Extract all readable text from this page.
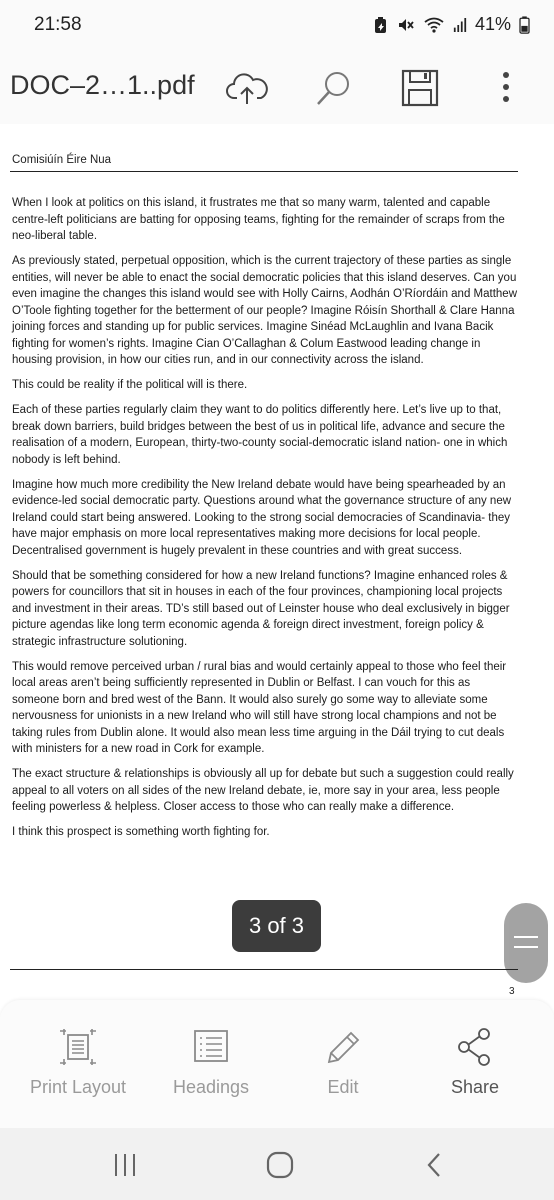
21:58	41%
DOC–2…1..pdf
Comisiúín Éire Nua

When I look at politics on this island, it frustrates me that so many warm, talented and capable centre-left politicians are batting for opposing teams, fighting for the remainder of scraps from the neo-liberal table.

As previously stated, perpetual opposition, which is the current trajectory of these parties as single entities, will never be able to enact the social democratic policies that this island deserves. Can you even imagine the changes this island would see with Holly Cairns, Aodhán O’Ríordáin and Matthew O’Toole fighting together for the betterment of our people? Imagine Róisín Shorthall & Clare Hanna joining forces and standing up for public services. Imagine Sinéad McLaughlin and Ivana Bacik fighting for women’s rights. Imagine Cian O’Callaghan & Colum Eastwood leading change in housing provision, in how our cities run, and in our connectivity across the island.

This could be reality if the political will is there.

Each of these parties regularly claim they want to do politics differently here. Let’s live up to that, break down barriers, build bridges between the best of us in political life, advance and secure the realisation of a modern, European, thirty-two-county social-democratic island nation- one in which nobody is left behind.

Imagine how much more credibility the New Ireland debate would have being spearheaded by an evidence-led social democratic party. Questions around what the governance structure of any new Ireland could start being answered. Looking to the strong social democracies of Scandinavia- they have major emphasis on more local representatives making more decisions for local people. Decentralised government is hugely prevalent in these countries and with great success.

Should that be something considered for how a new Ireland functions? Imagine enhanced roles & powers for councillors that sit in houses in each of the four provinces, championing local projects and investment in their areas. TD’s still based out of Leinster house who deal exclusively in bigger picture agendas like long term economic agenda & foreign direct investment, foreign policy & strategic infrastructure solutioning.

This would remove perceived urban / rural bias and would certainly appeal to those who feel their local areas aren’t being sufficiently represented in Dublin or Belfast. I can vouch for this as someone born and bred west of the Bann. It would also surely go some way to alleviate some nervousness for unionists in a new Ireland who will still have strong local champions and not be taking rules from Dublin alone. It would also mean less time arguing in the Dáil trying to cut deals with ministers for a new road in Cork for example.

The exact structure & relationships is obviously all up for debate but such a suggestion could really appeal to all voters on all sides of the new Ireland debate, ie, more say in your area, less people feeling powerless & helpless. Closer access to those who can really make a difference.

I think this prospect is something worth fighting for.

3 of 3
3
Print Layout	Headings	Edit	Share
